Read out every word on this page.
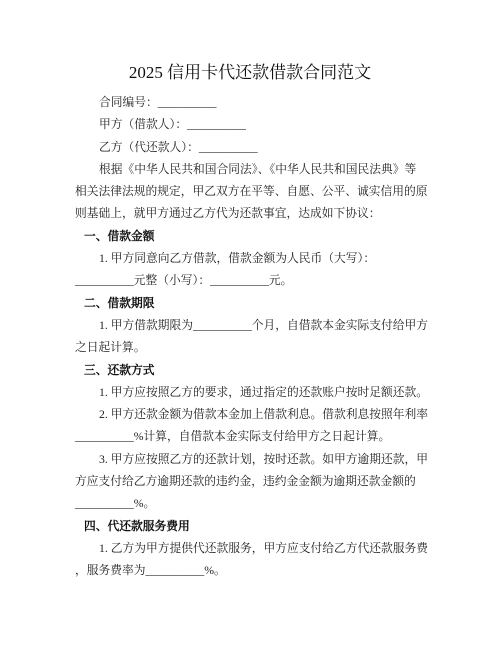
2025 信用卡代还款借款合同范文
合同编号：__________
甲方（借款人）：__________
乙方（代还款人）：__________
根据《中华人民共和国合同法》、《中华人民共和国民法典》等
相关法律法规的规定，甲乙双方在平等、自愿、公平、诚实信用的原
则基础上，就甲方通过乙方代为还款事宜，达成如下协议：
一、借款金额
1. 甲方同意向乙方借款，借款金额为人民币（大写）：
__________元整（小写）：__________元。
二、借款期限
1. 甲方借款期限为__________个月，自借款本金实际支付给甲方
之日起计算。
三、还款方式
1. 甲方应按照乙方的要求，通过指定的还款账户按时足额还款。
2. 甲方还款金额为借款本金加上借款利息。借款利息按照年利率
__________%计算，自借款本金实际支付给甲方之日起计算。
3. 甲方应按照乙方的还款计划，按时还款。如甲方逾期还款，甲
方应支付给乙方逾期还款的违约金，违约金金额为逾期还款金额的
__________%。
四、代还款服务费用
1. 乙方为甲方提供代还款服务，甲方应支付给乙方代还款服务费
，服务费率为__________%。
